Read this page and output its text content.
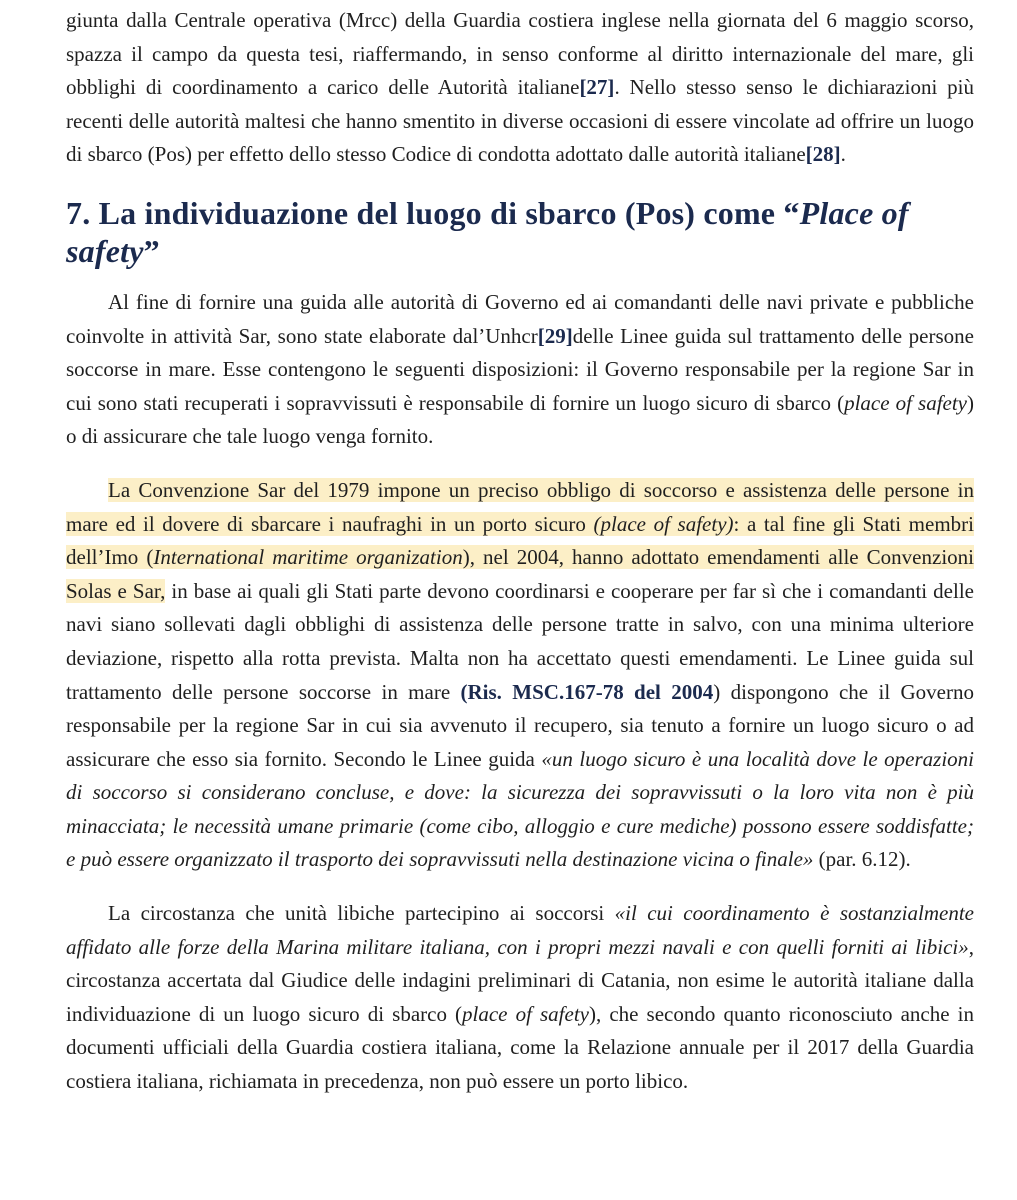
giunta dalla Centrale operativa (Mrcc) della Guardia costiera inglese nella giornata del 6 maggio scorso, spazza il campo da questa tesi, riaffermando, in senso conforme al diritto internazionale del mare, gli obblighi di coordinamento a carico delle Autorità italiane[27]. Nello stesso senso le dichiarazioni più recenti delle autorità maltesi che hanno smentito in diverse occasioni di essere vincolate ad offrire un luogo di sbarco (Pos) per effetto dello stesso Codice di condotta adottato dalle autorità italiane[28].

7. La individuazione del luogo di sbarco (Pos) come “Place of safety”

Al fine di fornire una guida alle autorità di Governo ed ai comandanti delle navi private e pubbliche coinvolte in attività Sar, sono state elaborate dal’Unhcr[29]delle Linee guida sul trattamento delle persone soccorse in mare. Esse contengono le seguenti disposizioni: il Governo responsabile per la regione Sar in cui sono stati recuperati i sopravvissuti è responsabile di fornire un luogo sicuro di sbarco (place of safety) o di assicurare che tale luogo venga fornito.

La Convenzione Sar del 1979 impone un preciso obbligo di soccorso e assistenza delle persone in mare ed il dovere di sbarcare i naufraghi in un porto sicuro (place of safety): a tal fine gli Stati membri dell’Imo (International maritime organization), nel 2004, hanno adottato emendamenti alle Convenzioni Solas e Sar, in base ai quali gli Stati parte devono coordinarsi e cooperare per far sì che i comandanti delle navi siano sollevati dagli obblighi di assistenza delle persone tratte in salvo, con una minima ulteriore deviazione, rispetto alla rotta prevista. Malta non ha accettato questi emendamenti. Le Linee guida sul trattamento delle persone soccorse in mare (Ris. MSC.167-78 del 2004) dispongono che il Governo responsabile per la regione Sar in cui sia avvenuto il recupero, sia tenuto a fornire un luogo sicuro o ad assicurare che esso sia fornito. Secondo le Linee guida «un luogo sicuro è una località dove le operazioni di soccorso si considerano concluse, e dove: la sicurezza dei sopravvissuti o la loro vita non è più minacciata; le necessità umane primarie (come cibo, alloggio e cure mediche) possono essere soddisfatte; e può essere organizzato il trasporto dei sopravvissuti nella destinazione vicina o finale» (par. 6.12).

La circostanza che unità libiche partecipino ai soccorsi «il cui coordinamento è sostanzialmente affidato alle forze della Marina militare italiana, con i propri mezzi navali e con quelli forniti ai libici», circostanza accertata dal Giudice delle indagini preliminari di Catania, non esime le autorità italiane dalla individuazione di un luogo sicuro di sbarco (place of safety), che secondo quanto riconosciuto anche in documenti ufficiali della Guardia costiera italiana, come la Relazione annuale per il 2017 della Guardia costiera italiana, richiamata in precedenza, non può essere un porto libico.
